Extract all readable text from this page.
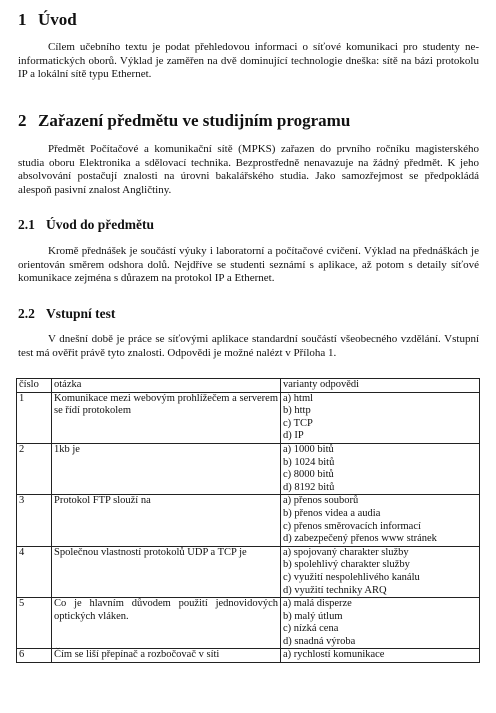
1 Úvod

Cílem učebního textu je podat přehledovou informaci o síťové komunikaci pro studenty ne-informatických oborů. Výklad je zaměřen na dvě dominující technologie dneška: sítě na bázi protokolu IP a lokální sítě typu Ethernet.

2 Zařazení předmětu ve studijním programu

Předmět Počítačové a komunikační sítě (MPKS) zařazen do prvního ročníku magisterského studia oboru Elektronika a sdělovací technika. Bezprostředně nenavazuje na žádný předmět. K jeho absolvování postačují znalosti na úrovni bakalářského studia. Jako samozřejmost se předpokládá alespoň pasivní znalost Angličtiny.

2.1 Úvod do předmětu

Kromě přednášek je součástí výuky i laboratorní a počítačové cvičení. Výklad na přednáškách je orientován směrem odshora dolů. Nejdříve se studenti seznámí s aplikace, až potom s detaily síťové komunikace zejména s důrazem na protokol IP a Ethernet.

2.2 Vstupní test

V dnešní době je práce se síťovými aplikace standardní součástí všeobecného vzdělání. Vstupní test má ověřit právě tyto znalosti. Odpovědi je možné nalézt v Příloha 1.

číslo	otázka	varianty odpovědi
1	Komunikace mezi webovým prohlížečem a serverem se řídí protokolem	a) html
b) http
c) TCP
d) IP

2	1kb je	a) 1000 bitů
b) 1024 bitů
c) 8000 bitů
d) 8192 bitů

3	Protokol FTP slouží na	a) přenos souborů
b) přenos videa a audia
c) přenos směrovacích informací
d) zabezpečený přenos www stránek

4	Společnou vlastností protokolů UDP a TCP je	a) spojovaný charakter služby
b) spolehlivý charakter služby
c) využití nespolehlivého kanálu
d) využití techniky ARQ

5	Co je hlavním důvodem použití jednovidových optických vláken.	a) malá disperze
b) malý útlum
c) nízká cena
d) snadná výroba

6	Čím se liší přepínač a rozbočovač v síti	a) rychlostí komunikace
